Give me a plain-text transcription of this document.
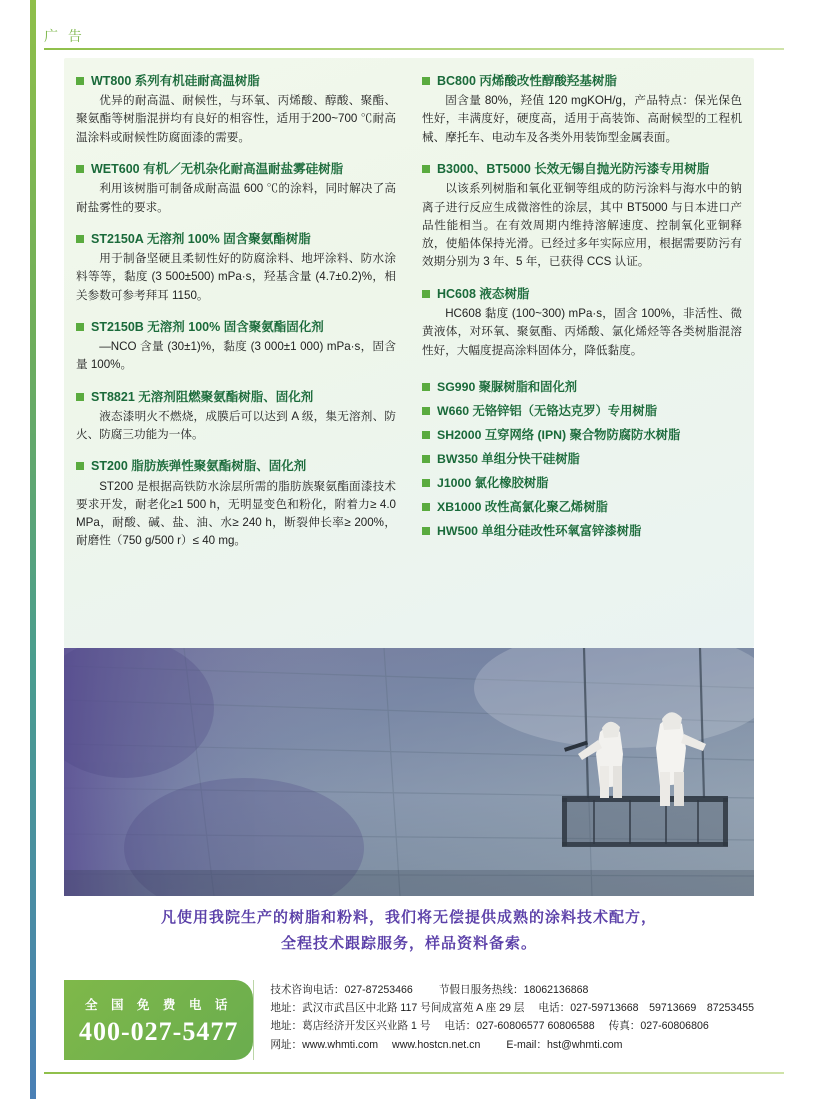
广 告
WT800 系列有机硅耐高温树脂
优异的耐高温、耐候性，与环氧、丙烯酸、醇酸、聚酯、聚氨酯等树脂混拼均有良好的相容性，适用于200~700 ℃耐高温涂料或耐候性防腐面漆的需要。
WET600 有机／无机杂化耐高温耐盐雾硅树脂
利用该树脂可制备成耐高温 600 ℃的涂料，同时解决了高耐盐雾性的要求。
ST2150A 无溶剂 100% 固含聚氨酯树脂
用于制备坚硬且柔韧性好的防腐涂料、地坪涂料、防水涂料等等，黏度 (3 500±500) mPa·s，羟基含量 (4.7±0.2)%，相关参数可参考拜耳 1150。
ST2150B 无溶剂 100% 固含聚氨酯固化剂
—NCO 含量 (30±1)%，黏度 (3 000±1 000) mPa·s，固含量 100%。
ST8821 无溶剂阻燃聚氨酯树脂、固化剂
液态漆明火不燃烧，成膜后可以达到 A 级，集无溶剂、防火、防腐三功能为一体。
ST200 脂肪族弹性聚氨酯树脂、固化剂
ST200 是根据高铁防水涂层所需的脂肪族聚氨酯面漆技术要求开发，耐老化≥1 500 h，无明显变色和粉化，附着力≥ 4.0 MPa，耐酸、碱、盐、油、水≥ 240 h，断裂伸长率≥ 200%，耐磨性（750 g/500 r）≤ 40 mg。
BC800 丙烯酸改性醇酸羟基树脂
固含量 80%，羟值 120 mgKOH/g，产品特点：保光保色性好，丰满度好，硬度高，适用于高装饰、高耐候型的工程机械、摩托车、电动车及各类外用装饰型金属表面。
B3000、BT5000 长效无锡自抛光防污漆专用树脂
以该系列树脂和氧化亚铜等组成的防污涂料与海水中的钠离子进行反应生成微溶性的涂层，其中 BT5000 与日本进口产品性能相当。在有效周期内维持溶解速度、控制氧化亚铜释放，使船体保持光滑。已经过多年实际应用，根据需要防污有效期分别为 3 年、5 年，已获得 CCS 认证。
HC608 液态树脂
HC608 黏度 (100~300) mPa·s，固含 100%，非活性、微黄液体，对环氧、聚氨酯、丙烯酸、氯化烯烃等各类树脂混溶性好，大幅度提高涂料固体分，降低黏度。
SG990 聚脲树脂和固化剂
W660 无铬锌铝（无铬达克罗）专用树脂
SH2000 互穿网络 (IPN) 聚合物防腐防水树脂
BW350 单组分快干硅树脂
J1000 氯化橡胶树脂
XB1000 改性高氯化聚乙烯树脂
HW500 单组分硅改性环氧富锌漆树脂
凡使用我院生产的树脂和粉料，我们将无偿提供成熟的涂料技术配方，
全程技术跟踪服务，样品资料备索。
全 国 免 费 电 话
400-027-5477
技术咨询电话：027-87253466 节假日服务热线：18062136868
地址：武汉市武昌区中北路 117 号间成富苑 A 座 29 层 电话：027-59713668　59713669　87253455
地址：葛店经济开发区兴业路 1 号 电话：027-60806577 60806588 传真：027-60806806
网址：www.whmti.com www.hostcn.net.cn E-mail：hst@whmti.com
